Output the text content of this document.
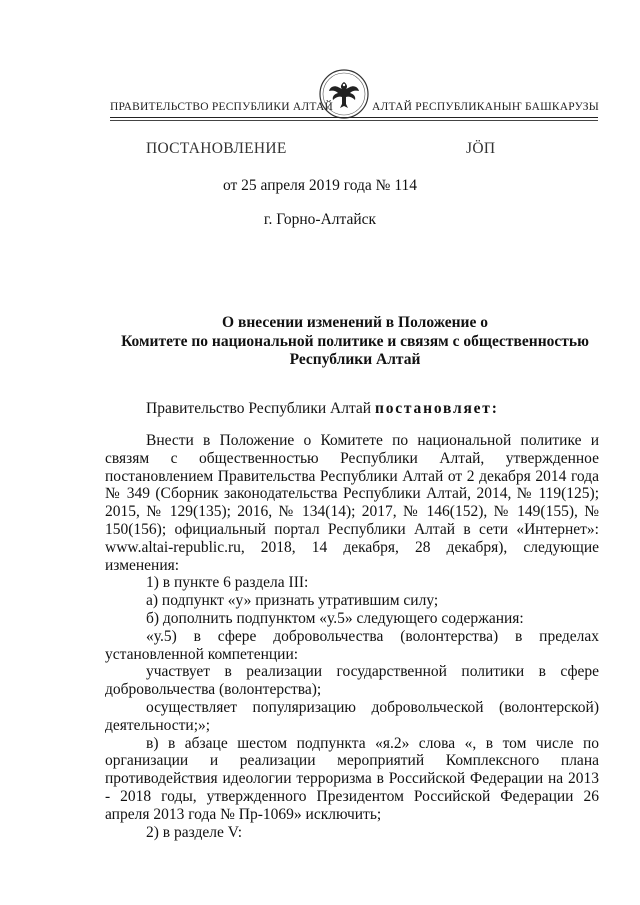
ПРАВИТЕЛЬСТВО РЕСПУБЛИКИ АЛТАЙ	АЛТАЙ РЕСПУБЛИКАНЫҤ БАШКАРУЗЫ
ПОСТАНОВЛЕНИЕ	JÖП
от 25 апреля 2019 года № 114
г. Горно-Алтайск
О внесении изменений в Положение о
Комитете по национальной политике и связям с общественностью
Республики Алтай
Правительство Республики Алтай постановляет:

Внести в Положение о Комитете по национальной политике и связям с общественностью Республики Алтай, утвержденное постановлением Правительства Республики Алтай от 2 декабря 2014 года № 349 (Сборник законодательства Республики Алтай, 2014, № 119(125); 2015, № 129(135); 2016, № 134(14); 2017, № 146(152), № 149(155), № 150(156); официальный портал Республики Алтай в сети «Интернет»: www.altai-republic.ru, 2018, 14 декабря, 28 декабря), следующие изменения:

1) в пункте 6 раздела III:

а) подпункт «у» признать утратившим силу;

б) дополнить подпунктом «у.5» следующего содержания:

«у.5) в сфере добровольчества (волонтерства) в пределах установленной компетенции:

участвует в реализации государственной политики в сфере добровольчества (волонтерства);

осуществляет популяризацию добровольческой (волонтерской) деятельности;»;

в) в абзаце шестом подпункта «я.2» слова «, в том числе по организации и реализации мероприятий Комплексного плана противодействия идеологии терроризма в Российской Федерации на 2013 - 2018 годы, утвержденного Президентом Российской Федерации 26 апреля 2013 года № Пр-1069» исключить;

2) в разделе V:
